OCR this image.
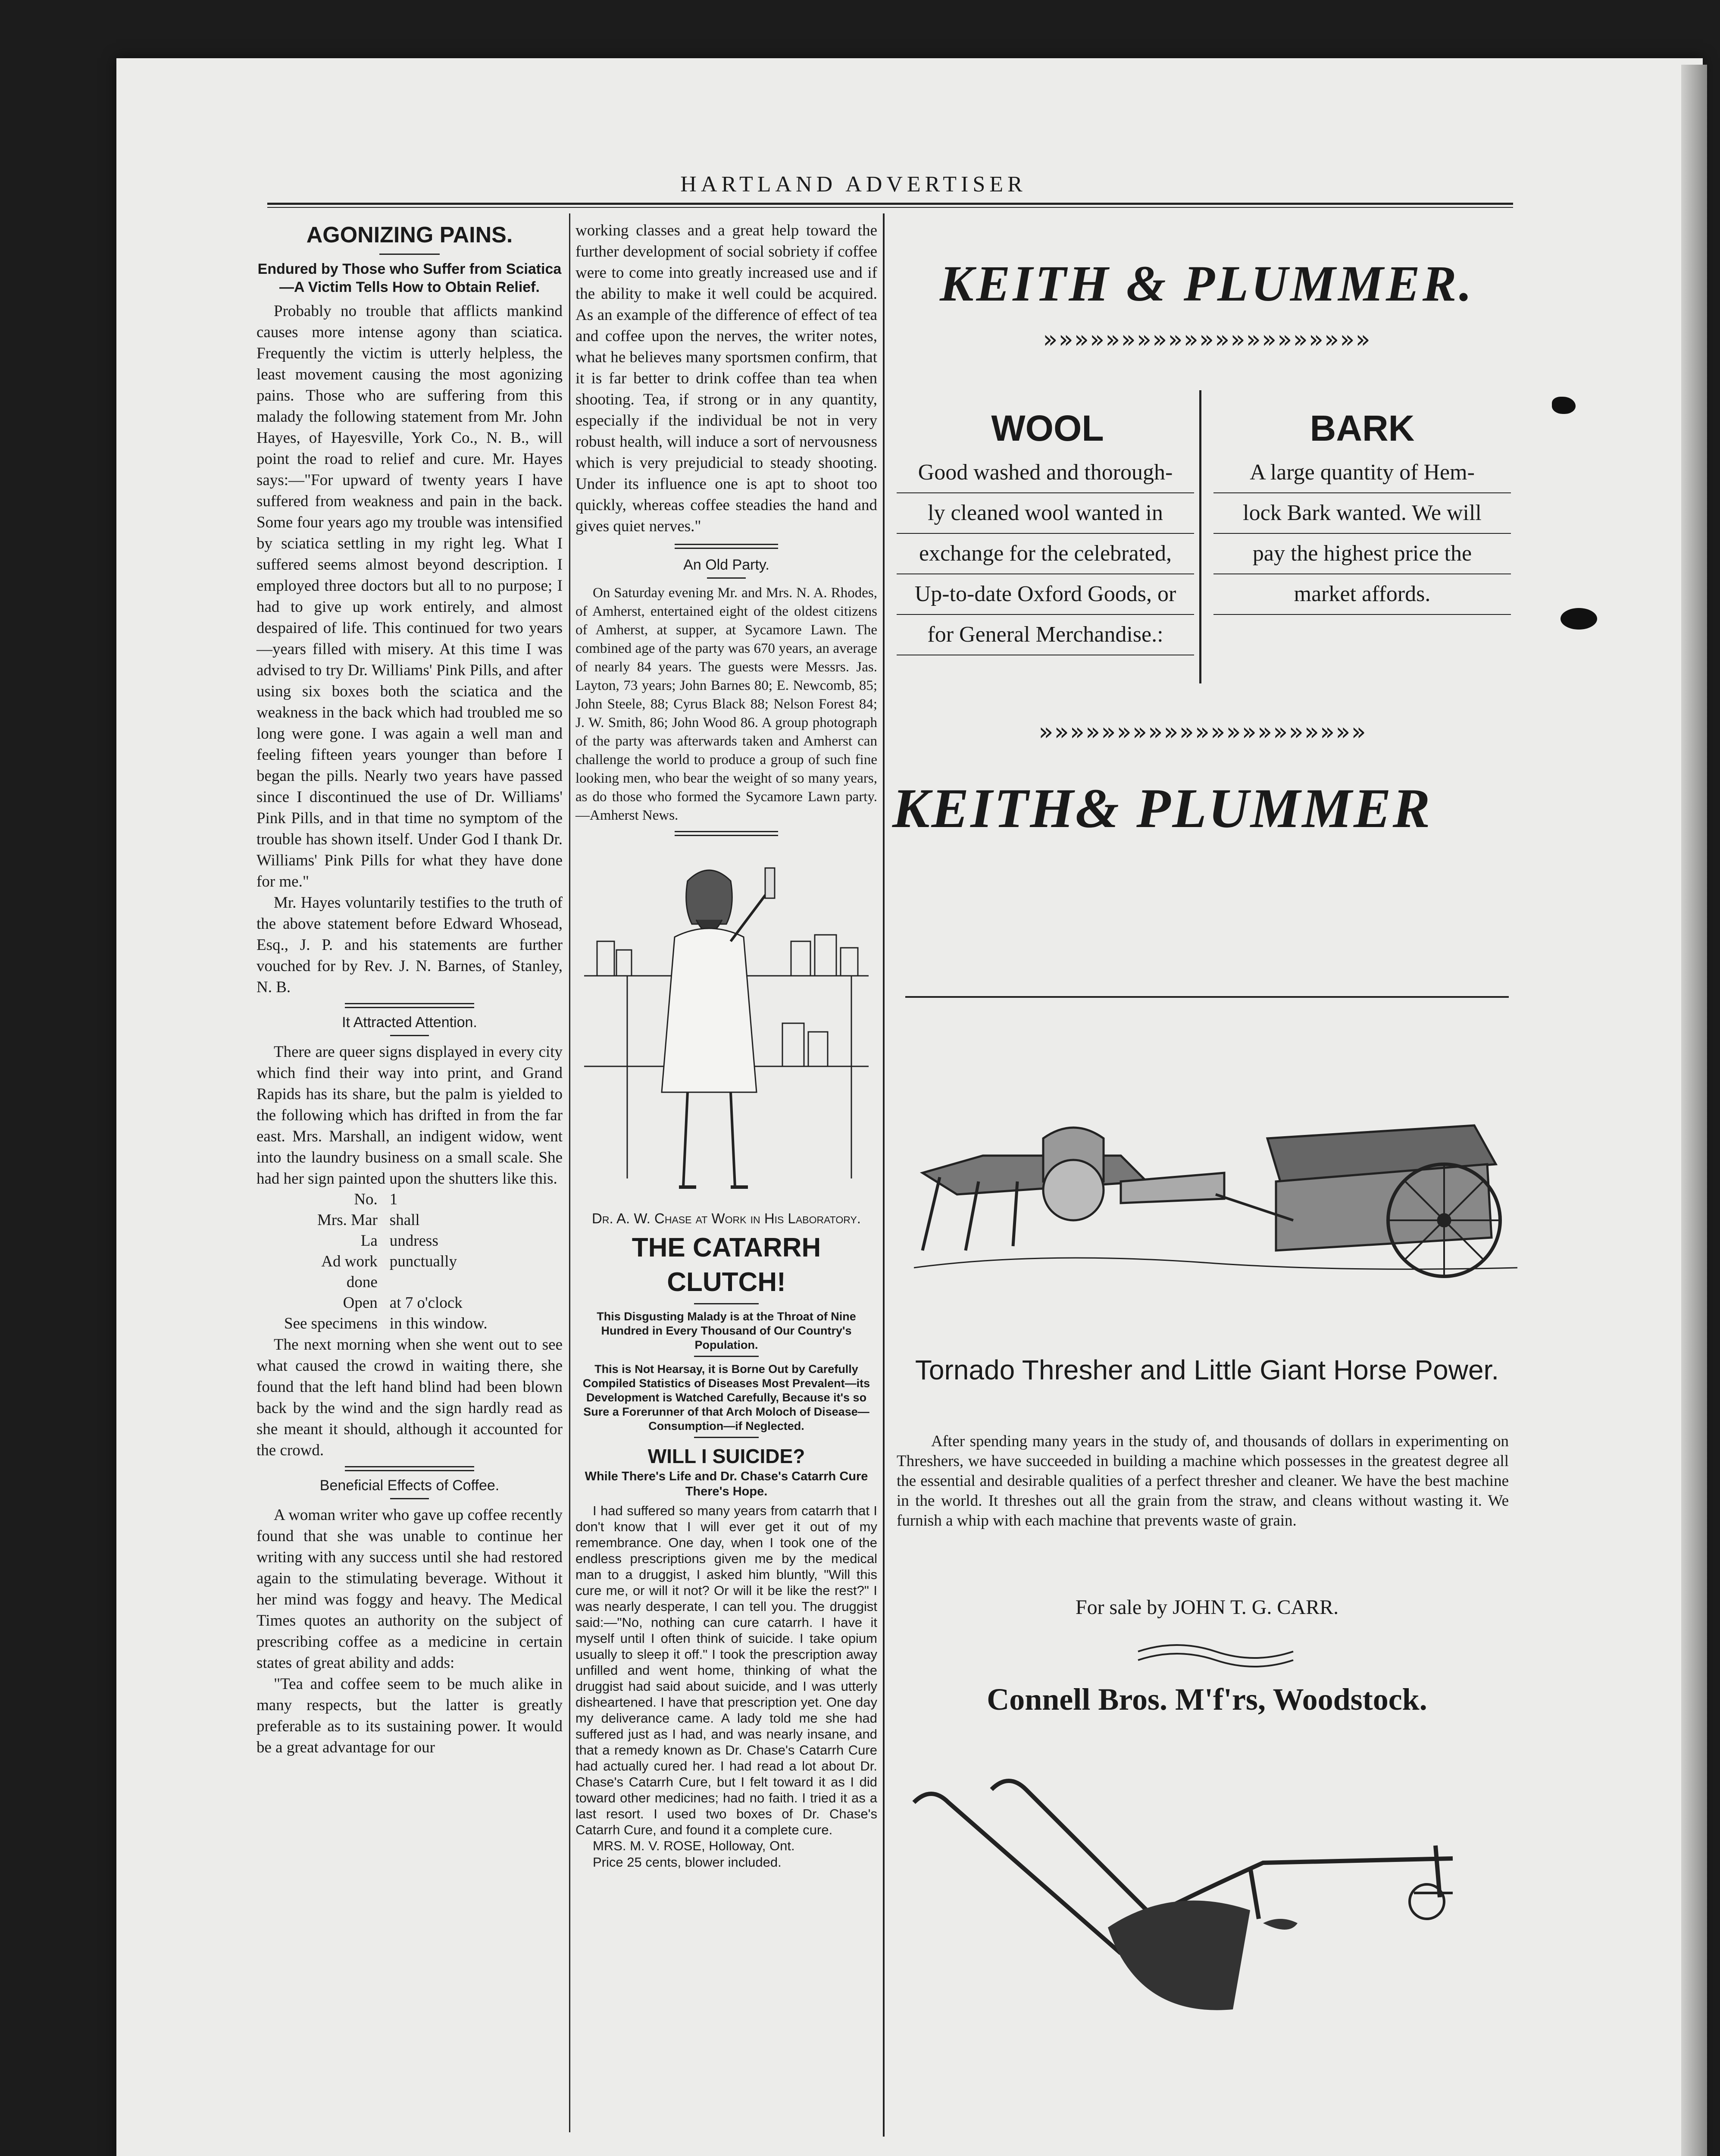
HARTLAND ADVERTISER
AGONIZING PAINS.
Endured by Those who Suffer from Sciatica—A Victim Tells How to Obtain Relief.

Probably no trouble that afflicts mankind causes more intense agony than sciatica. Frequently the victim is utterly helpless, the least movement causing the most agonizing pains. Those who are suffering from this malady the following statement from Mr. John Hayes, of Hayesville, York Co., N. B., will point the road to relief and cure. Mr. Hayes says:—"For upward of twenty years I have suffered from weakness and pain in the back. Some four years ago my trouble was intensified by sciatica settling in my right leg. What I suffered seems almost beyond description. I employed three doctors but all to no purpose; I had to give up work entirely, and almost despaired of life. This continued for two years—years filled with misery. At this time I was advised to try Dr. Williams' Pink Pills, and after using six boxes both the sciatica and the weakness in the back which had troubled me so long were gone. I was again a well man and feeling fifteen years younger than before I began the pills. Nearly two years have passed since I discontinued the use of Dr. Williams' Pink Pills, and in that time no symptom of the trouble has shown itself. Under God I thank Dr. Williams' Pink Pills for what they have done for me."

Mr. Hayes voluntarily testifies to the truth of the above statement before Edward Whosead, Esq., J. P. and his statements are further vouched for by Rev. J. N. Barnes, of Stanley, N. B.

It Attracted Attention.

There are queer signs displayed in every city which find their way into print, and Grand Rapids has its share, but the palm is yielded to the following which has drifted in from the far east. Mrs. Marshall, an indigent widow, went into the laundry business on a small scale. She had her sign painted upon the shutters like this.

No.	1
Mrs. Mar	shall
La	undress
Ad work	punctually
done	
Open	at 7 o'clock
See specimens	in this window.

The next morning when she went out to see what caused the crowd in waiting there, she found that the left hand blind had been blown back by the wind and the sign hardly read as she meant it should, although it accounted for the crowd.

Beneficial Effects of Coffee.

A woman writer who gave up coffee recently found that she was unable to continue her writing with any success until she had restored again to the stimulating beverage. Without it her mind was foggy and heavy. The Medical Times quotes an authority on the subject of prescribing coffee as a medicine in certain states of great ability and adds:

"Tea and coffee seem to be much alike in many respects, but the latter is greatly preferable as to its sustaining power. It would be a great advantage for our

working classes and a great help toward the further development of social sobriety if coffee were to come into greatly increased use and if the ability to make it well could be acquired. As an example of the difference of effect of tea and coffee upon the nerves, the writer notes, what he believes many sportsmen confirm, that it is far better to drink coffee than tea when shooting. Tea, if strong or in any quantity, especially if the individual be not in very robust health, will induce a sort of nervousness which is very prejudicial to steady shooting. Under its influence one is apt to shoot too quickly, whereas coffee steadies the hand and gives quiet nerves."

An Old Party.

On Saturday evening Mr. and Mrs. N. A. Rhodes, of Amherst, entertained eight of the oldest citizens of Amherst, at supper, at Sycamore Lawn. The combined age of the party was 670 years, an average of nearly 84 years. The guests were Messrs. Jas. Layton, 73 years; John Barnes 80; E. Newcomb, 85; John Steele, 88; Cyrus Black 88; Nelson Forest 84; J. W. Smith, 86; John Wood 86. A group photograph of the party was afterwards taken and Amherst can challenge the world to produce a group of such fine looking men, who bear the weight of so many years, as do those who formed the Sycamore Lawn party.—Amherst News.

Dr. A. W. Chase at Work in His Laboratory.
THE CATARRH CLUTCH!
This Disgusting Malady is at the Throat of Nine Hundred in Every Thousand of Our Country's Population.
This is Not Hearsay, it is Borne Out by Carefully Compiled Statistics of Diseases Most Prevalent—its Development is Watched Carefully, Because it's so Sure a Forerunner of that Arch Moloch of Disease—Consumption—if Neglected.
WILL I SUICIDE?
While There's Life and Dr. Chase's Catarrh Cure There's Hope.

I had suffered so many years from catarrh that I don't know that I will ever get it out of my remembrance. One day, when I took one of the endless prescriptions given me by the medical man to a druggist, I asked him bluntly, "Will this cure me, or will it not? Or will it be like the rest?" I was nearly desperate, I can tell you. The druggist said:—"No, nothing can cure catarrh. I have it myself until I often think of suicide. I take opium usually to sleep it off." I took the prescription away unfilled and went home, thinking of what the druggist had said about suicide, and I was utterly disheartened. I have that prescription yet. One day my deliverance came. A lady told me she had suffered just as I had, and was nearly insane, and that a remedy known as Dr. Chase's Catarrh Cure had actually cured her. I had read a lot about Dr. Chase's Catarrh Cure, but I felt toward it as I did toward other medicines; had no faith. I tried it as a last resort. I used two boxes of Dr. Chase's Catarrh Cure, and found it a complete cure.

MRS. M. V. ROSE, Holloway, Ont.
Price 25 cents, blower included.
KEITH & PLUMMER.
»»»»»»»»»»»»»»»»»»»»»
WOOL
Good washed and thorough-
ly cleaned wool wanted in
exchange for the celebrated,
Up-to-date Oxford Goods, or
for General Merchandise.:
BARK
A large quantity of Hem-
lock Bark wanted. We will
pay the highest price the
market affords.
»»»»»»»»»»»»»»»»»»»»»
KEITH& PLUMMER
Tornado Thresher and Little Giant Horse Power.
After spending many years in the study of, and thousands of dollars in experimenting on Threshers, we have succeeded in building a machine which possesses in the greatest degree all the essential and desirable qualities of a perfect thresher and cleaner. We have the best machine in the world. It threshes out all the grain from the straw, and cleans without wasting it. We furnish a whip with each machine that prevents waste of grain.
For sale by JOHN T. G. CARR.
Connell Bros. M'f'rs, Woodstock.
